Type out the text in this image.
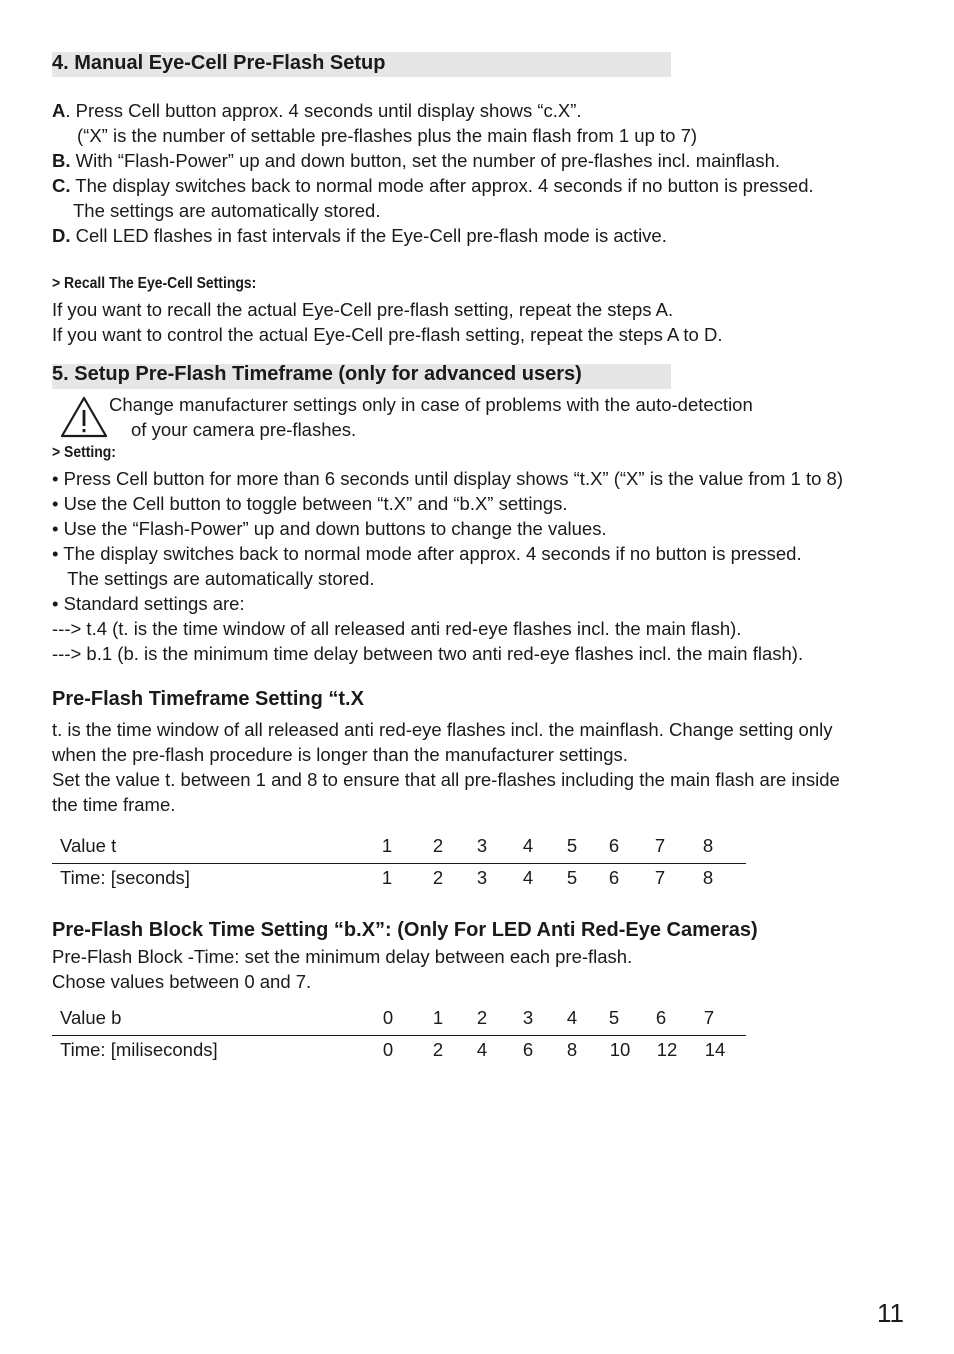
4. Manual Eye-Cell Pre-Flash Setup
A. Press Cell button approx. 4 seconds until display shows “c.X”.
(“X” is the number of settable pre-flashes plus the main flash from 1 up to 7)
B. With “Flash-Power” up and down button, set the number of pre-flashes incl. mainflash.
C. The display switches back to normal mode after approx. 4 seconds if no button is pressed.
The settings are automatically stored.
D. Cell LED flashes in fast intervals if the Eye-Cell pre-flash mode is active.
> Recall The Eye-Cell Settings:
If you want to recall the actual Eye-Cell pre-flash setting, repeat the steps A.
If you want to control the actual Eye-Cell pre-flash setting, repeat the steps A to D.
5. Setup Pre-Flash Timeframe (only for advanced users)
Change manufacturer settings only in case of problems with the auto-detection
of your camera pre-flashes.
> Setting:
• Press Cell button for more than 6 seconds until display shows “t.X” (“X” is the value from 1 to 8)
• Use the Cell button to toggle between “t.X” and “b.X” settings.
• Use the “Flash-Power” up and down buttons to change the values.
• The display switches back to normal mode after approx. 4 seconds if no button is pressed.
The settings are automatically stored.
• Standard settings are:
---> t.4 (t. is the time window of all released anti red-eye flashes incl. the main flash).
---> b.1 (b. is the minimum time delay between two anti red-eye flashes incl. the main flash).
Pre-Flash Timeframe Setting “t.X
t. is the time window of all released anti red-eye flashes incl. the mainflash. Change setting only
when the pre-flash procedure is longer than the manufacturer settings.
Set the value t. between 1 and 8 to ensure that all pre-flashes including the main flash are inside
the time frame.
Value t	1	2	3	4	5	6	7	8
Time: [seconds]	1	2	3	4	5	6	7	8
Pre-Flash Block Time Setting “b.X”: (Only For LED Anti Red-Eye Cameras)
Pre-Flash Block -Time: set the minimum delay between each pre-flash.
Chose values between 0 and 7.
Value b	0	1	2	3	4	5	6	7
Time: [miliseconds]	0	2	4	6	8	10 12 14
11
